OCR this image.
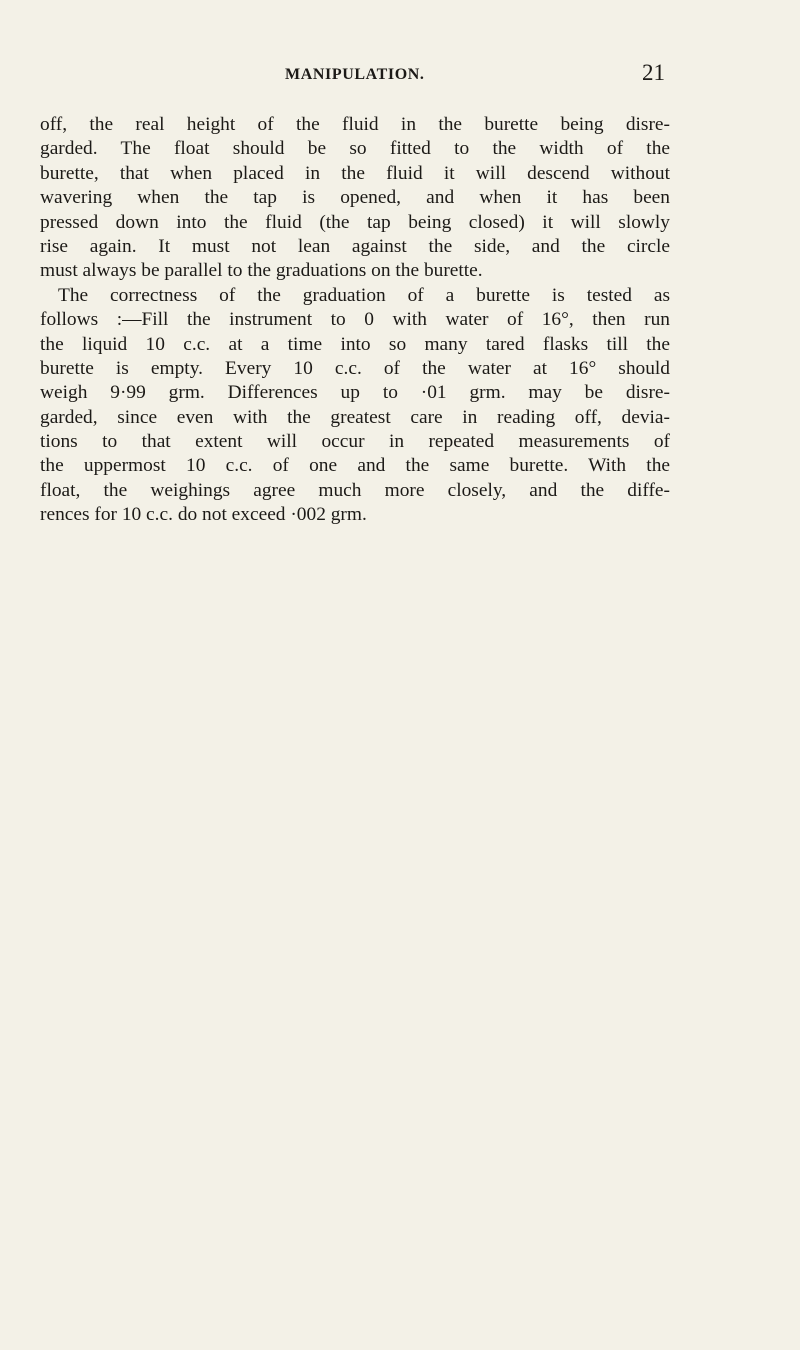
MANIPULATION.	21
off, the real height of the fluid in the burette being disre-
garded. The float should be so fitted to the width of the
burette, that when placed in the fluid it will descend without
wavering when the tap is opened, and when it has been
pressed down into the fluid (the tap being closed) it will slowly
rise again. It must not lean against the side, and the circle
must always be parallel to the graduations on the burette.
The correctness of the graduation of a burette is tested as
follows :—Fill the instrument to 0 with water of 16°, then run
the liquid 10 c.c. at a time into so many tared flasks till the
burette is empty. Every 10 c.c. of the water at 16° should
weigh 9·99 grm. Differences up to ·01 grm. may be disre-
garded, since even with the greatest care in reading off, devia-
tions to that extent will occur in repeated measurements of
the uppermost 10 c.c. of one and the same burette. With the
float, the weighings agree much more closely, and the diffe-
rences for 10 c.c. do not exceed ·002 grm.
